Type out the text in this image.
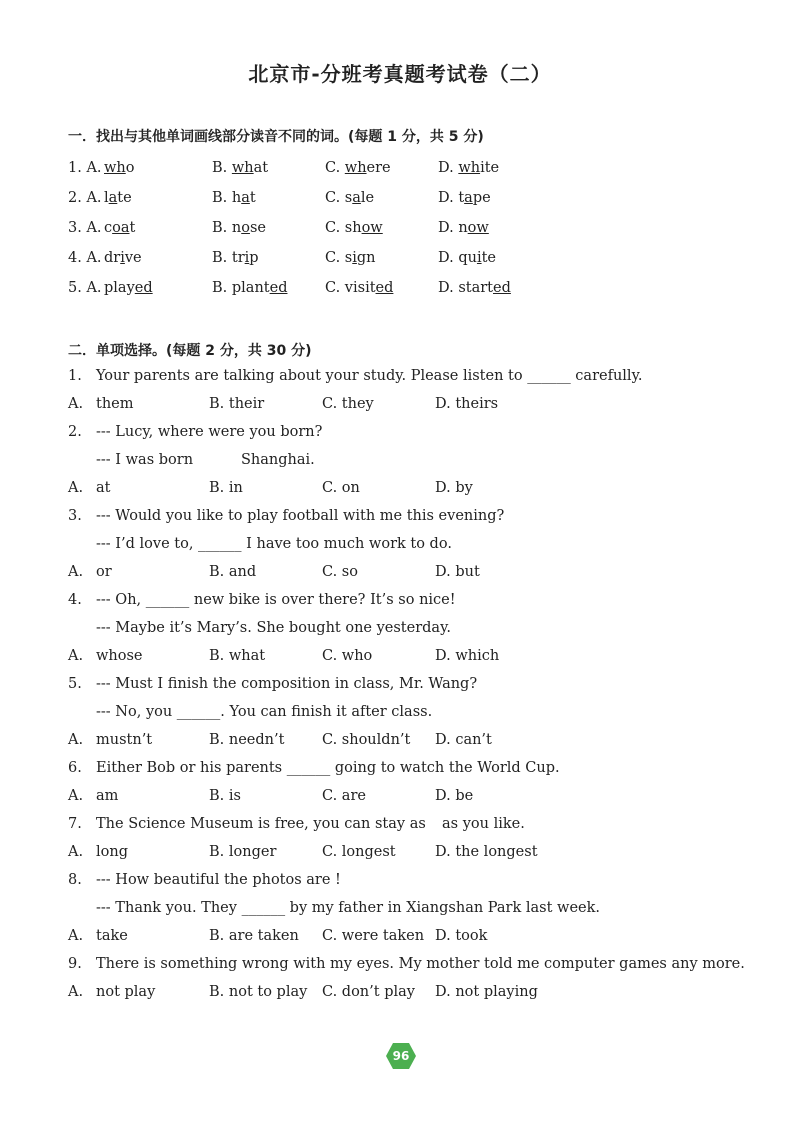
北京市-分班考真题考试卷（二）
一．找出与其他单词画线部分读音不同的词。(每题 1 分，共 5 分)
1. A. who	B. what	C. where	D. white
2. A. late	B. hat	C. sale	D. tape
3. A. coat	B. nose	C. show	D. now
4. A. drive	B. trip	C. sign	D. quite
5. A. played	B. planted	C. visited	D. started
二．单项选择。(每题 2 分，共 30 分)
1. Your parents are talking about your study. Please listen to ______ carefully.
A. them	B. their	C. they	D. theirs
2. --- Lucy, where were you born?
--- I was born	Shanghai.
A. at	B. in	C. on	D. by
3. --- Would you like to play football with me this evening?
--- I’d love to, ______ I have too much work to do.
A. or	B. and	C. so	D. but
4. --- Oh, ______ new bike is over there? It’s so nice!
--- Maybe it’s Mary’s. She bought one yesterday.
A. whose	B. what	C. who	D. which
5. --- Must I finish the composition in class, Mr. Wang?
--- No, you ______. You can finish it after class.
A. mustn’t	B. needn’t	C. shouldn’t D. can’t
6. Either Bob or his parents ______ going to watch the World Cup.
A. am	B. is	C. are	D. be
7. The Science Museum is free, you can stay as as you like.
A. long	B. longer	C. longest	D. the longest
8. --- How beautiful the photos are !
--- Thank you. They ______ by my father in Xiangshan Park last week.
A. take	B. are taken C. were taken D. took
9. There is something wrong with my eyes. My mother told me computer games any more.
A. not play	B. not to play C. don’t play D. not playing
96
